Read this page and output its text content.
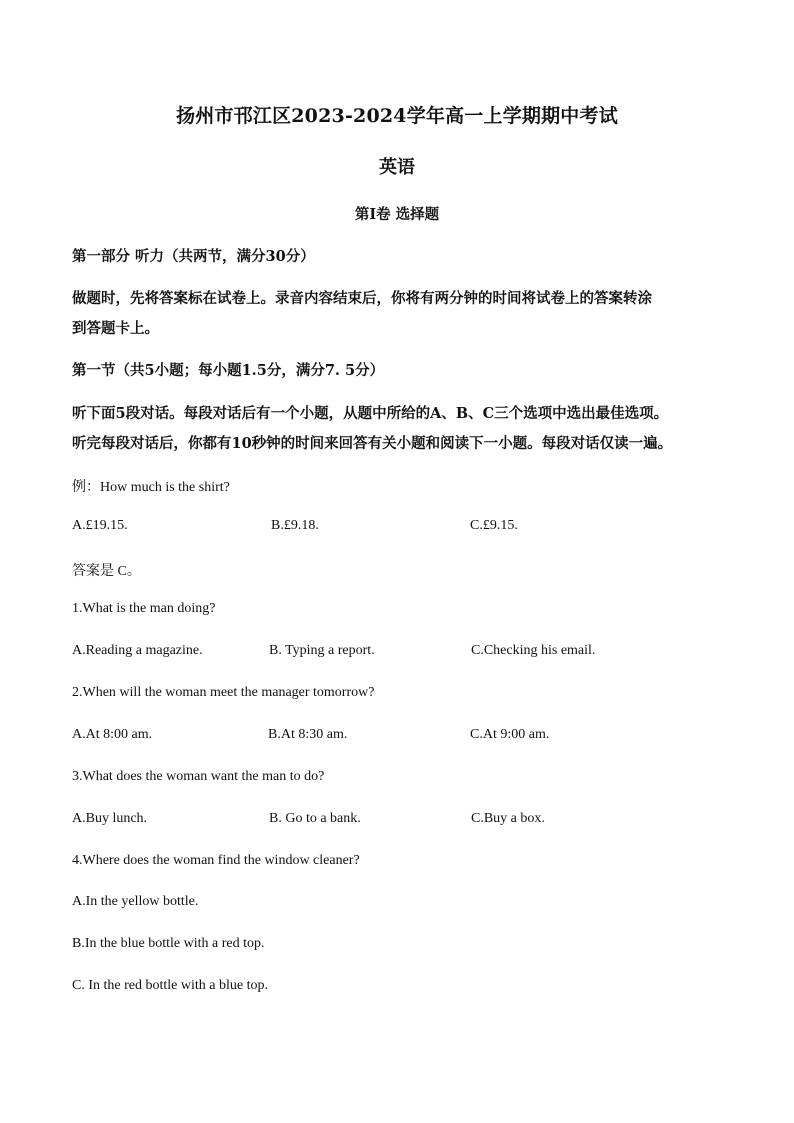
扬州市邗江区2023-2024学年高一上学期期中考试
英语
第I卷 选择题
第一部分 听力（共两节，满分30分）
做题时，先将答案标在试卷上。录音内容结束后，你将有两分钟的时间将试卷上的答案转涂
到答题卡上。
第一节（共5小题；每小题1.5分，满分7. 5分）
听下面5段对话。每段对话后有一个小题，从题中所给的A、B、C三个选项中选出最佳选项。
听完每段对话后，你都有10秒钟的时间来回答有关小题和阅读下一小题。每段对话仅读一遍。
例：How much is the shirt?
A.£19.15.	B.£9.18.	C.£9.15.
答案是 C。
1.What is the man doing?
A.Reading a magazine.	B. Typing a report.	C.Checking his email.
2.When will the woman meet the manager tomorrow?
A.At 8:00 am.	B.At 8:30 am.	C.At 9:00 am.
3.What does the woman want the man to do?
A.Buy lunch.	B. Go to a bank.	C.Buy a box.
4.Where does the woman find the window cleaner?
A.In the yellow bottle.
B.In the blue bottle with a red top.
C. In the red bottle with a blue top.
